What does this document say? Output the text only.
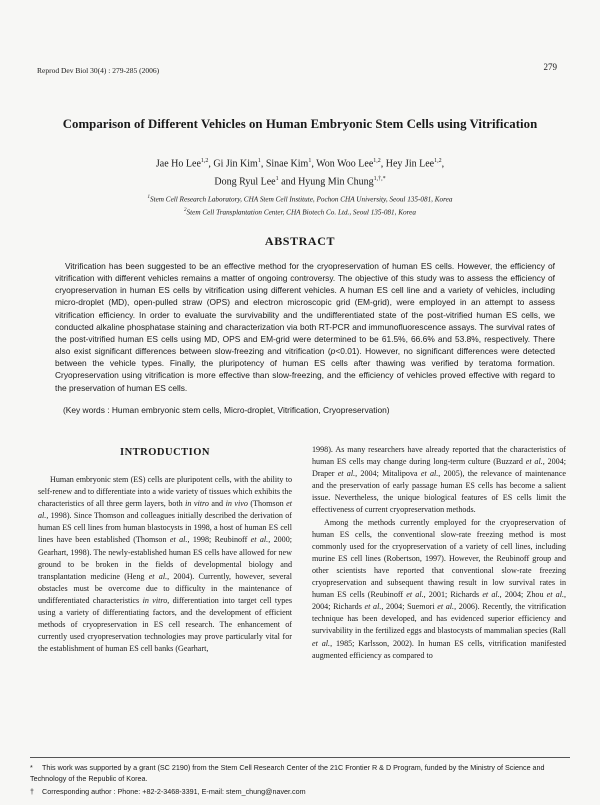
Reprod Dev Biol 30(4) : 279-285 (2006)	279
Comparison of Different Vehicles on Human Embryonic Stem Cells using Vitrification
Jae Ho Lee$^{1,2}$, Gi Jin Kim$^1$, Sinae Kim$^1$, Won Woo Lee$^{1,2}$, Hey Jin Lee$^{1,2}$,
Dong Ryul Lee$^1$ and Hyung Min Chung$^{1,\dagger,*}$
$^1$Stem Cell Research Laboratory, CHA Stem Cell Institute, Pochon CHA University, Seoul 135-081, Korea
$^2$Stem Cell Transplantation Center, CHA Biotech Co. Ltd., Seoul 135-081, Korea
ABSTRACT
Vitrification has been suggested to be an effective method for the cryopreservation of human ES cells. However, the efficiency of vitrification with different vehicles remains a matter of ongoing controversy. The objective of this study was to assess the efficiency of cryopreservation in human ES cells by vitrification using different vehicles. A human ES cell line and a variety of vehicles, including micro-droplet (MD), open-pulled straw (OPS) and electron microscopic grid (EM-grid), were employed in an attempt to assess vitrification efficiency. In order to evaluate the survivability and the undifferentiated state of the post-vitrified human ES cells, we conducted alkaline phosphatase staining and characterization via both RT-PCR and immunofluorescence assays. The survival rates of the post-vitrified human ES cells using MD, OPS and EM-grid were determined to be 61.5%, 66.6% and 53.8%, respectively. There also exist significant differences between slow-freezing and vitrification (p<0.01). However, no significant differences were detected between the vehicle types. Finally, the pluripotency of human ES cells after thawing was verified by teratoma formation. Cryopreservation using vitrification is more effective than slow-freezing, and the efficiency of vehicles proved effective with regard to the preservation of human ES cells.
(Key words : Human embryonic stem cells, Micro-droplet, Vitrification, Cryopreservation)
INTRODUCTION

Human embryonic stem (ES) cells are pluripotent cells, with the ability to self-renew and to differentiate into a wide variety of tissues which exhibits the characteristics of all three germ layers, both in vitro and in vivo (Thomson et al., 1998). Since Thomson and colleagues initially described the derivation of human ES cell lines from human blastocysts in 1998, a host of human ES cell lines have been established (Thomson et al., 1998; Reubinoff et al., 2000; Gearhart, 1998). The newly-established human ES cells have allowed for new ground to be broken in the fields of developmental biology and transplantation medicine (Heng et al., 2004). Currently, however, several obstacles must be overcome due to difficulty in the maintenance of undifferentiated characteristics in vitro, differentiation into target cell types using a variety of differentiating factors, and the development of efficient methods of cryopreservation in ES cell research. The enhancement of currently used cryopreservation technologies may prove particularly vital for the establishment of human ES cell banks (Gearhart,

1998). As many researchers have already reported that the characteristics of human ES cells may change during long-term culture (Buzzard et al., 2004; Draper et al., 2004; Mitalipova et al., 2005), the relevance of maintenance and the preservation of early passage human ES cells has become a salient issue. Nevertheless, the unique biological features of ES cells limit the effectiveness of current cryopreservation methods.

Among the methods currently employed for the cryopreservation of human ES cells, the conventional slow-rate freezing method is most commonly used for the cryopreservation of a variety of cell lines, including murine ES cell lines (Robertson, 1997). However, the Reubinoff group and other scientists have reported that conventional slow-rate freezing cryopreservation and subsequent thawing result in low survival rates in human ES cells (Reubinoff et al., 2001; Richards et al., 2004; Zhou et al., 2004; Richards et al., 2004; Suemori et al., 2006). Recently, the vitrification technique has been developed, and has evidenced superior efficiency and survivability in the fertilized eggs and blastocysts of mammalian species (Rall et al., 1985; Karlsson, 2002). In human ES cells, vitrification manifested augmented efficiency as compared to

* This work was supported by a grant (SC 2190) from the Stem Cell Research Center of the 21C Frontier R & D Program, funded by the Ministry of Science and Technology of the Republic of Korea.
† Corresponding author : Phone: +82-2-3468-3391, E-mail: stem_chung@naver.com
